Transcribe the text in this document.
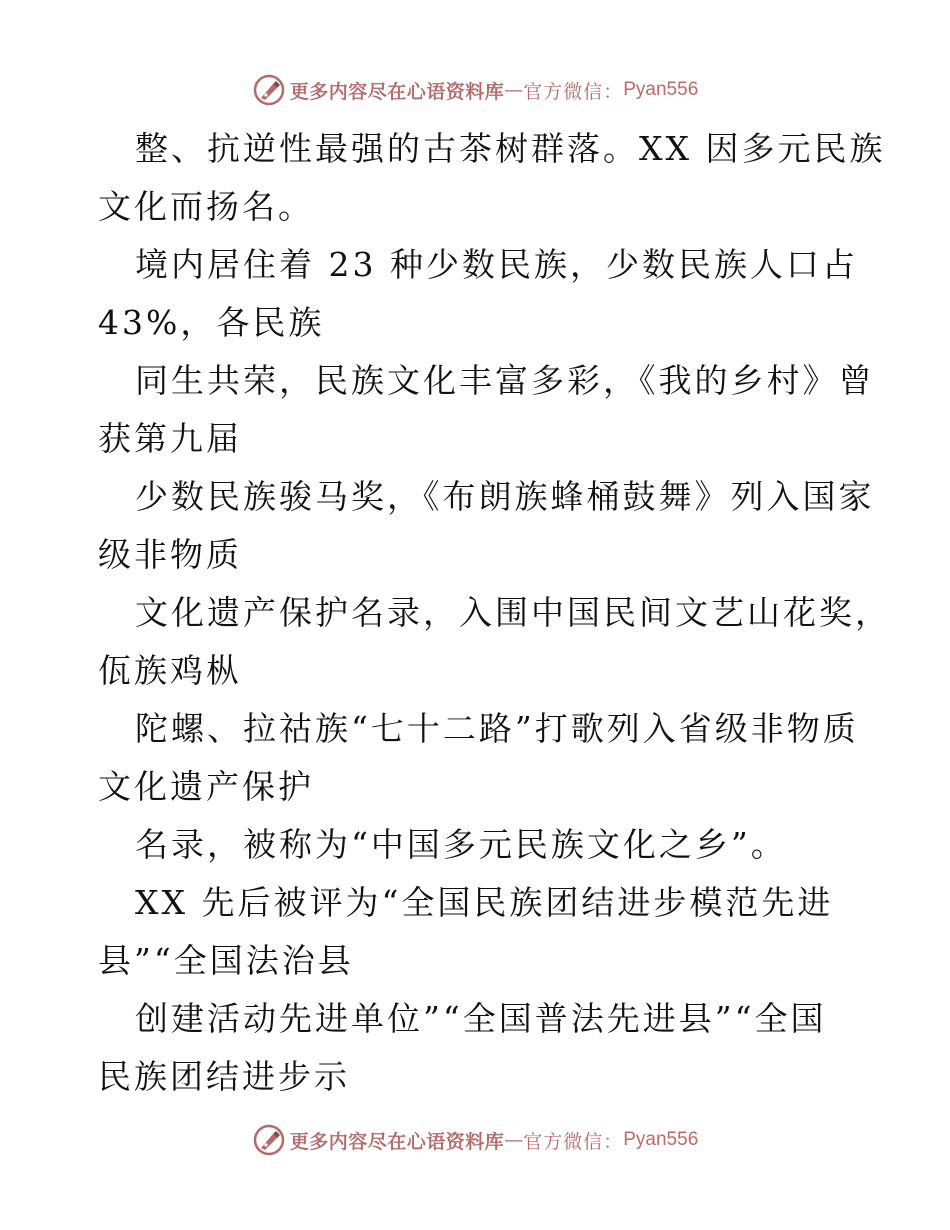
更多内容尽在心语资料库 — 官方微信： Pyan556

整、抗逆性最强的古茶树群落。XX 因多元民族

文化而扬名。

境内居住着 23 种少数民族，少数民族人口占

43%，各民族

同生共荣，民族文化丰富多彩，《我的乡村》曾

获第九届

少数民族骏马奖，《布朗族蜂桶鼓舞》列入国家

级非物质

文化遗产保护名录，入围中国民间文艺山花奖，

佤族鸡枞

陀螺、拉祜族“七十二路”打歌列入省级非物质

文化遗产保护

名录，被称为“中国多元民族文化之乡”。

XX 先后被评为“全国民族团结进步模范先进

县”“全国法治县

创建活动先进单位”“全国普法先进县”“全国

民族团结进步示

更多内容尽在心语资料库 — 官方微信： Pyan556
